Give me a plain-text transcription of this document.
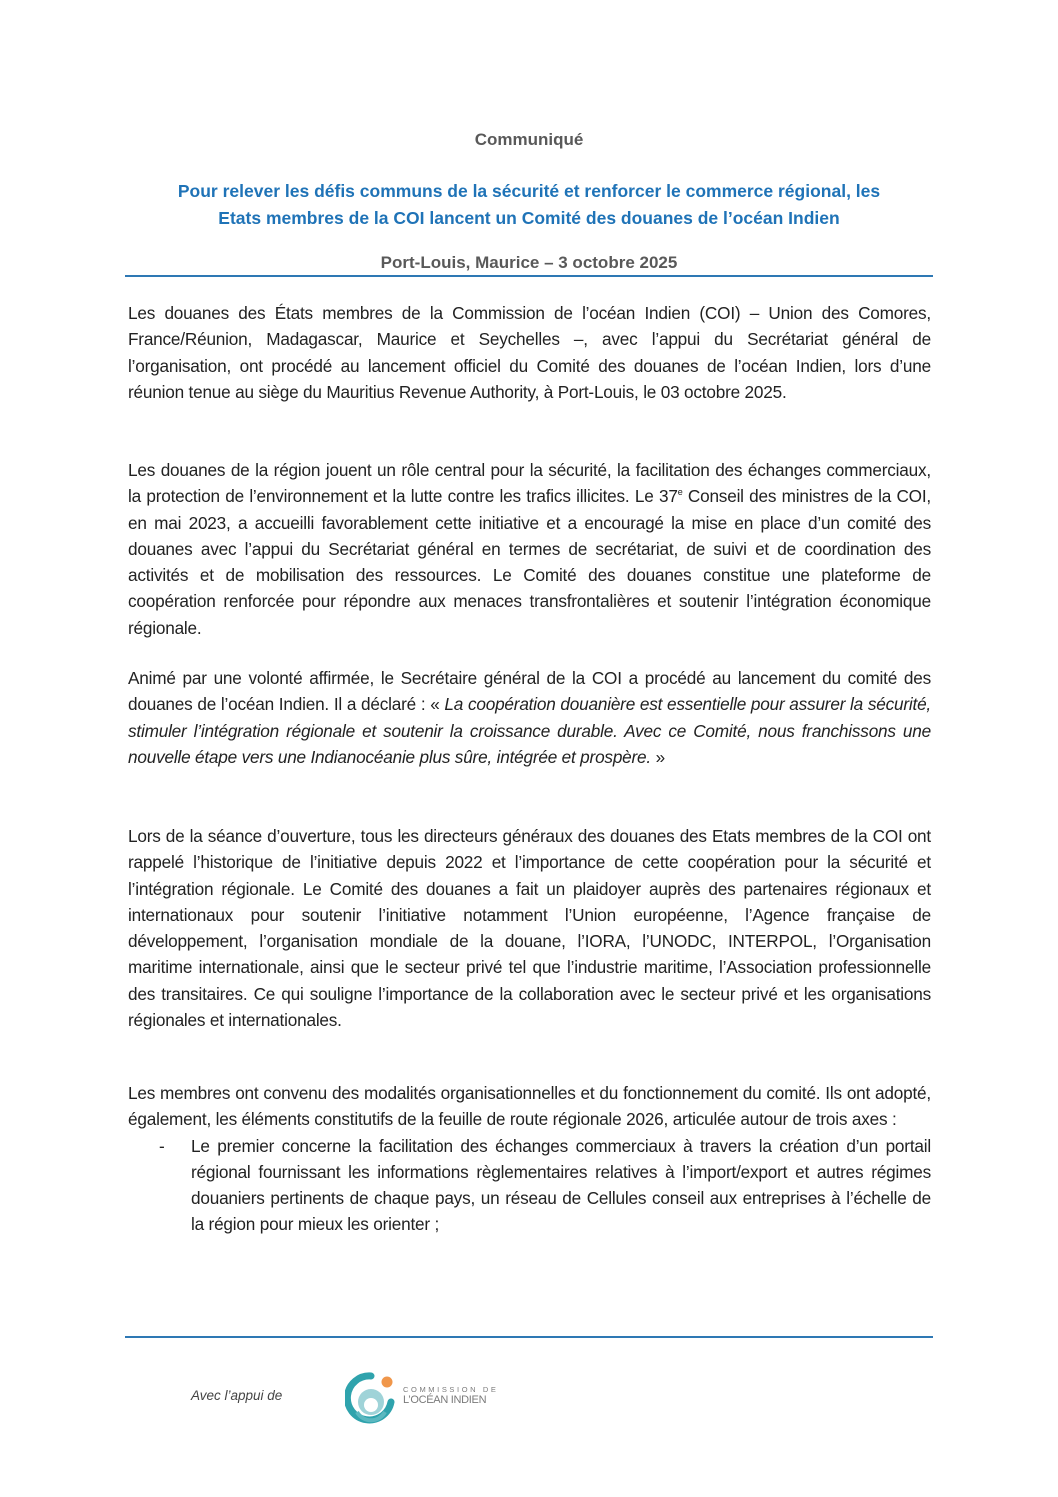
Communiqué
Pour relever les défis communs de la sécurité et renforcer le commerce régional, les
Etats membres de la COI lancent un Comité des douanes de l’océan Indien
Port-Louis, Maurice – 3 octobre 2025

Les douanes des États membres de la Commission de l’océan Indien (COI) – Union des Comores, France/Réunion, Madagascar, Maurice et Seychelles –, avec l’appui du Secrétariat général de l’organisation, ont procédé au lancement officiel du Comité des douanes de l’océan Indien, lors d’une réunion tenue au siège du Mauritius Revenue Authority, à Port-Louis, le 03 octobre 2025.

Les douanes de la région jouent un rôle central pour la sécurité, la facilitation des échanges commerciaux, la protection de l’environnement et la lutte contre les trafics illicites. Le 37e Conseil des ministres de la COI, en mai 2023, a accueilli favorablement cette initiative et a encouragé la mise en place d’un comité des douanes avec l’appui du Secrétariat général en termes de secrétariat, de suivi et de coordination des activités et de mobilisation des ressources. Le Comité des douanes constitue une plateforme de coopération renforcée pour répondre aux menaces transfrontalières et soutenir l’intégration économique régionale.

Animé par une volonté affirmée, le Secrétaire général de la COI a procédé au lancement du comité des douanes de l’océan Indien. Il a déclaré : « La coopération douanière est essentielle pour assurer la sécurité, stimuler l’intégration régionale et soutenir la croissance durable. Avec ce Comité, nous franchissons une nouvelle étape vers une Indianocéanie plus sûre, intégrée et prospère. »

Lors de la séance d’ouverture, tous les directeurs généraux des douanes des Etats membres de la COI ont rappelé l’historique de l’initiative depuis 2022 et l’importance de cette coopération pour la sécurité et l’intégration régionale. Le Comité des douanes a fait un plaidoyer auprès des partenaires régionaux et internationaux pour soutenir l’initiative notamment l’Union européenne, l’Agence française de développement, l’organisation mondiale de la douane, l’IORA, l’UNODC, INTERPOL, l’Organisation maritime internationale, ainsi que le secteur privé tel que l’industrie maritime, l’Association professionnelle des transitaires. Ce qui souligne l’importance de la collaboration avec le secteur privé et les organisations régionales et internationales.

Les membres ont convenu des modalités organisationnelles et du fonctionnement du comité. Ils ont adopté, également, les éléments constitutifs de la feuille de route régionale 2026, articulée autour de trois axes :

- Le premier concerne la facilitation des échanges commerciaux à travers la création d’un portail régional fournissant les informations règlementaires relatives à l’import/export et autres régimes douaniers pertinents de chaque pays, un réseau de Cellules conseil aux entreprises à l’échelle de la région pour mieux les orienter ;
Avec l’appui de	COMMISSION DE
L’OCÉAN INDIEN
